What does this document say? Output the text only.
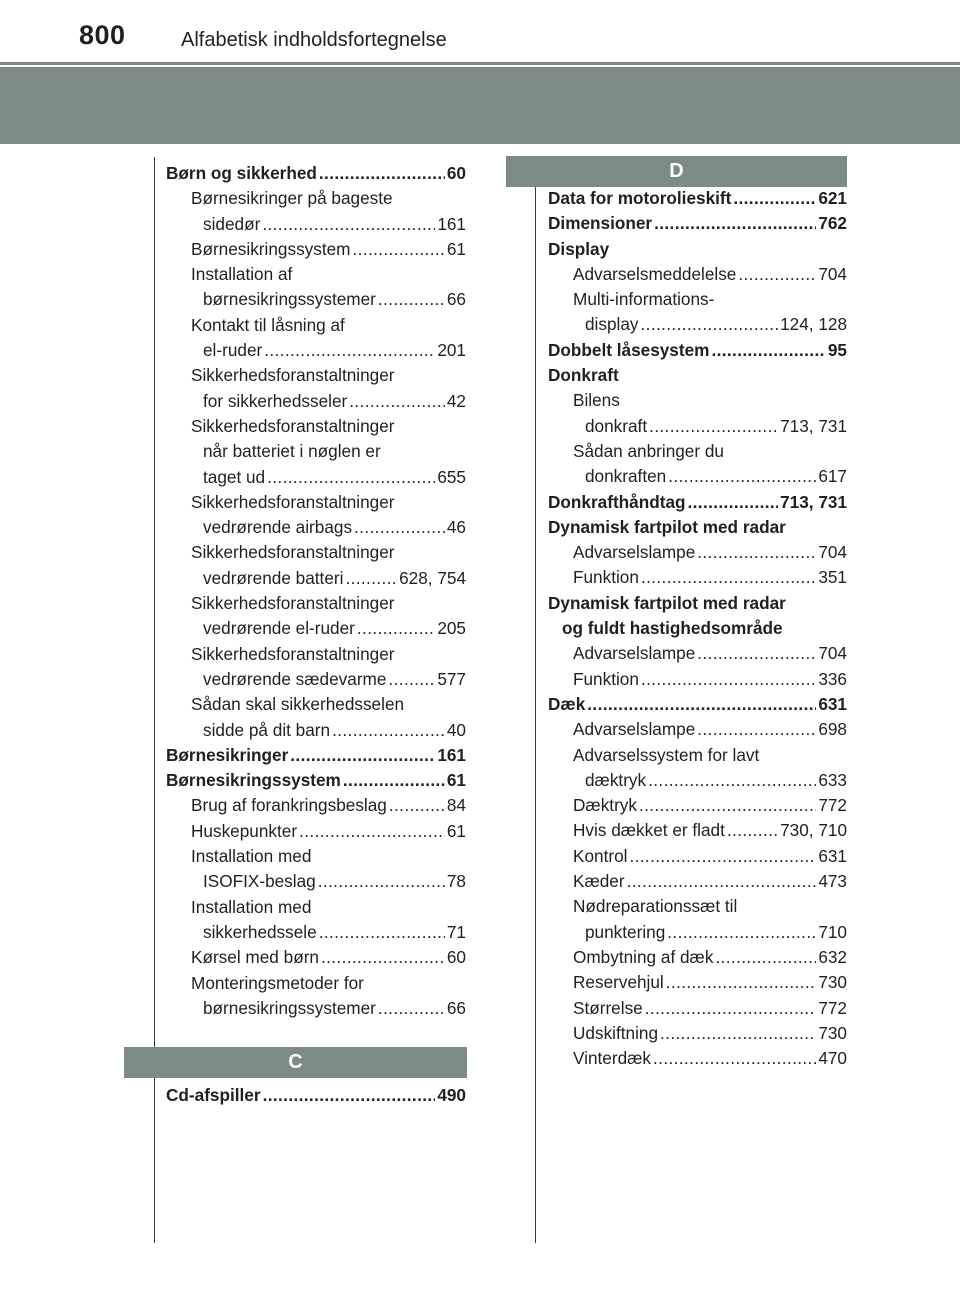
800	Alfabetisk indholdsfortegnelse
D
C
Børn og sikkerhed . . .	60
Børnesikringer på bageste
sidedør . . .	161
Børnesikringssystem . . .	61
Installation af
børnesikringssystemer . . .	66
Kontakt til låsning af
el-ruder . . .	201
Sikkerhedsforanstaltninger
for sikkerhedsseler . . .	42
Sikkerhedsforanstaltninger
når batteriet i nøglen er
taget ud . . .	655
Sikkerhedsforanstaltninger
vedrørende airbags . . .	46
Sikkerhedsforanstaltninger
vedrørende batteri . . .	628, 754
Sikkerhedsforanstaltninger
vedrørende el-ruder . . .	205
Sikkerhedsforanstaltninger
vedrørende sædevarme . . .	577
Sådan skal sikkerhedsselen
sidde på dit barn . . .	40
Børnesikringer . . .	161
Børnesikringssystem . . .	61
Brug af forankringsbeslag . . .	84
Huskepunkter . . .	61
Installation med
ISOFIX-beslag . . .	78
Installation med
sikkerhedssele . . .	71
Kørsel med børn . . .	60
Monteringsmetoder for
børnesikringssystemer . . .	66
Cd-afspiller . . .	490
Data for motorolieskift . . .	621
Dimensioner . . .	762
Display
Advarselsmeddelelse . . .	704
Multi-informations-
display . . .	124, 128
Dobbelt låsesystem . . .	95
Donkraft
Bilens
donkraft . . .	713, 731
Sådan anbringer du
donkraften . . .	617
Donkrafthåndtag . . .	713, 731
Dynamisk fartpilot med radar
Advarselslampe . . .	704
Funktion . . .	351
Dynamisk fartpilot med radar
og fuldt hastighedsområde
Advarselslampe . . .	704
Funktion . . .	336
Dæk . . .	631
Advarselslampe . . .	698
Advarselssystem for lavt
dæktryk . . .	633
Dæktryk . . .	772
Hvis dækket er fladt . . .	730, 710
Kontrol . . .	631
Kæder . . .	473
Nødreparationssæt til
punktering . . .	710
Ombytning af dæk . . .	632
Reservehjul . . .	730
Størrelse . . .	772
Udskiftning . . .	730
Vinterdæk . . .	470
